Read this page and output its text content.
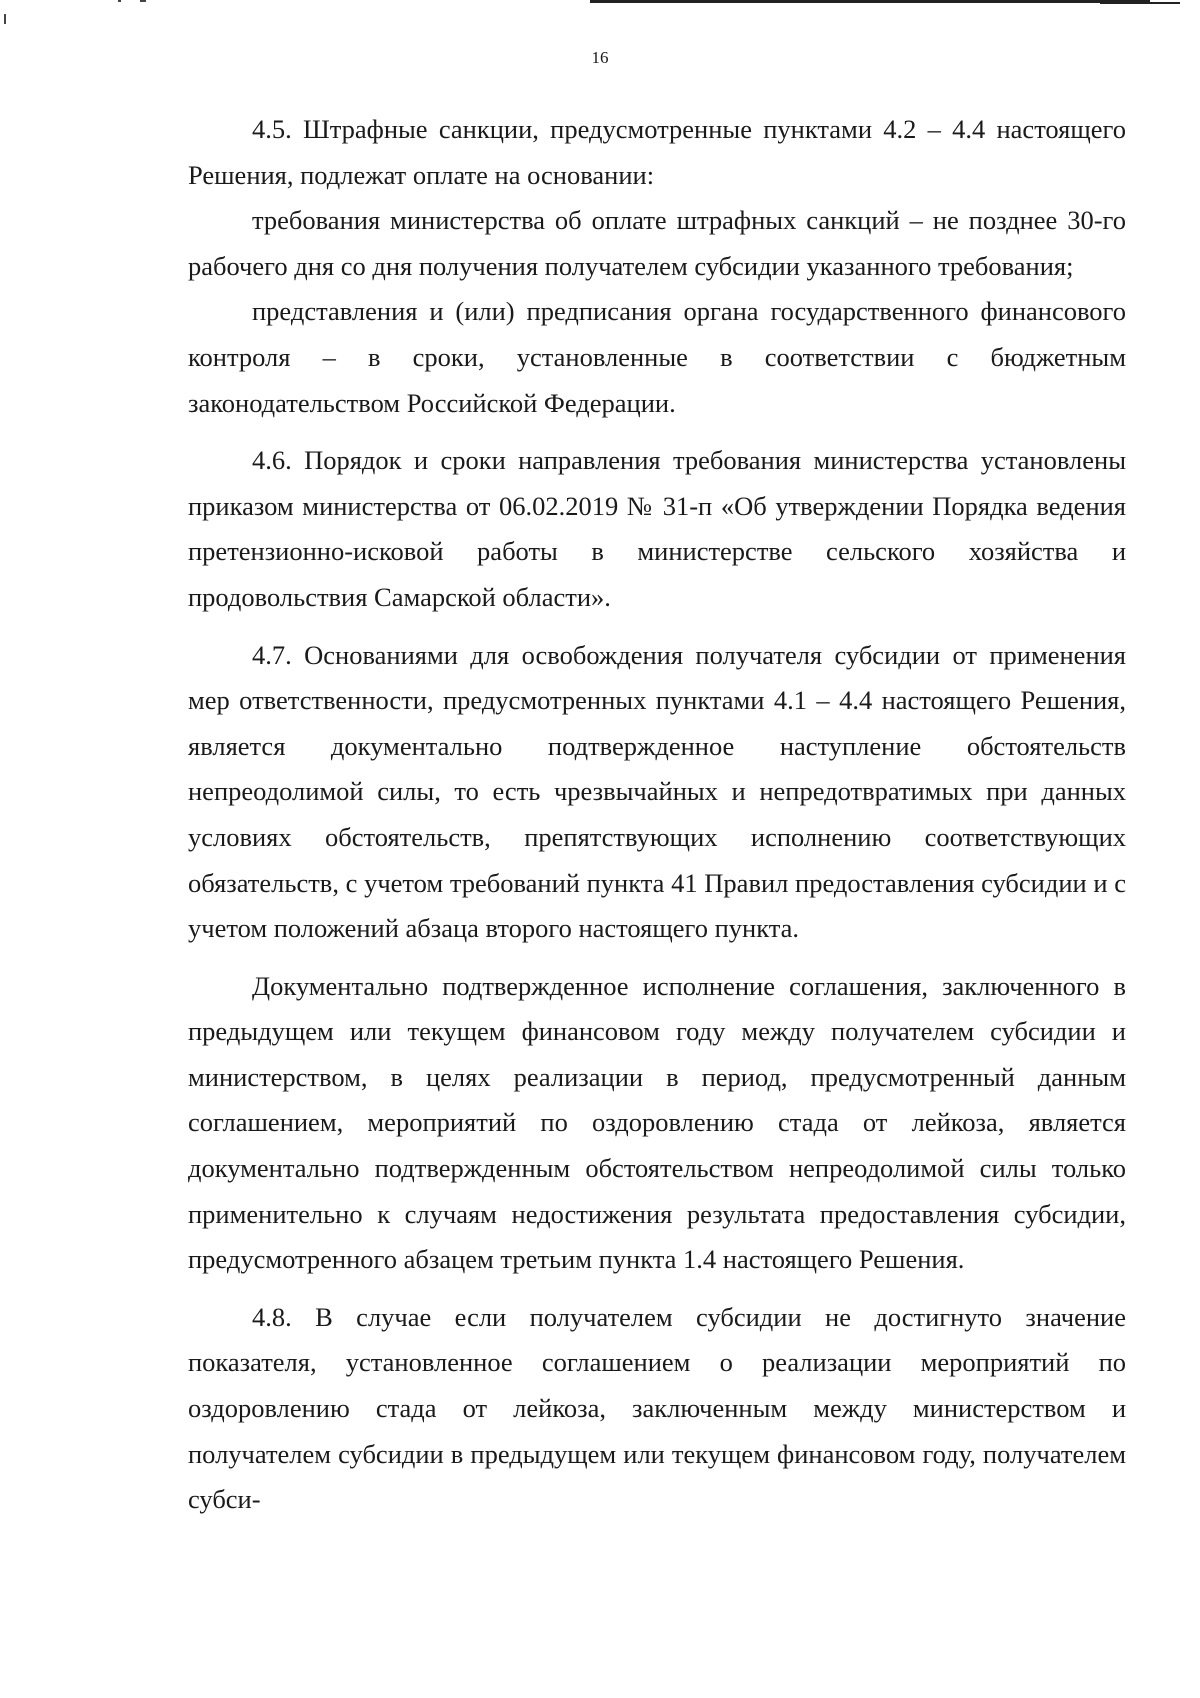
16

4.5. Штрафные санкции, предусмотренные пунктами 4.2 – 4.4 настоящего Решения, подлежат оплате на основании:

требования министерства об оплате штрафных санкций – не позднее 30-го рабочего дня со дня получения получателем субсидии указанного требования;

представления и (или) предписания органа государственного финансового контроля – в сроки, установленные в соответствии с бюджетным законодательством Российской Федерации.

4.6. Порядок и сроки направления требования министерства установлены приказом министерства от 06.02.2019 № 31-п «Об утверждении Порядка ведения претензионно-исковой работы в министерстве сельского хозяйства и продовольствия Самарской области».

4.7. Основаниями для освобождения получателя субсидии от применения мер ответственности, предусмотренных пунктами 4.1 – 4.4 настоящего Решения, является документально подтвержденное наступление обстоятельств непреодолимой силы, то есть чрезвычайных и непредотвратимых при данных условиях обстоятельств, препятствующих исполнению соответствующих обязательств, с учетом требований пункта 41 Правил предоставления субсидии и с учетом положений абзаца второго настоящего пункта.

Документально подтвержденное исполнение соглашения, заключенного в предыдущем или текущем финансовом году между получателем субсидии и министерством, в целях реализации в период, предусмотренный данным соглашением, мероприятий по оздоровлению стада от лейкоза, является документально подтвержденным обстоятельством непреодолимой силы только применительно к случаям недостижения результата предоставления субсидии, предусмотренного абзацем третьим пункта 1.4 настоящего Решения.

4.8. В случае если получателем субсидии не достигнуто значение показателя, установленное соглашением о реализации мероприятий по оздоровлению стада от лейкоза, заключенным между министерством и получателем субсидии в предыдущем или текущем финансовом году, получателем субси-
